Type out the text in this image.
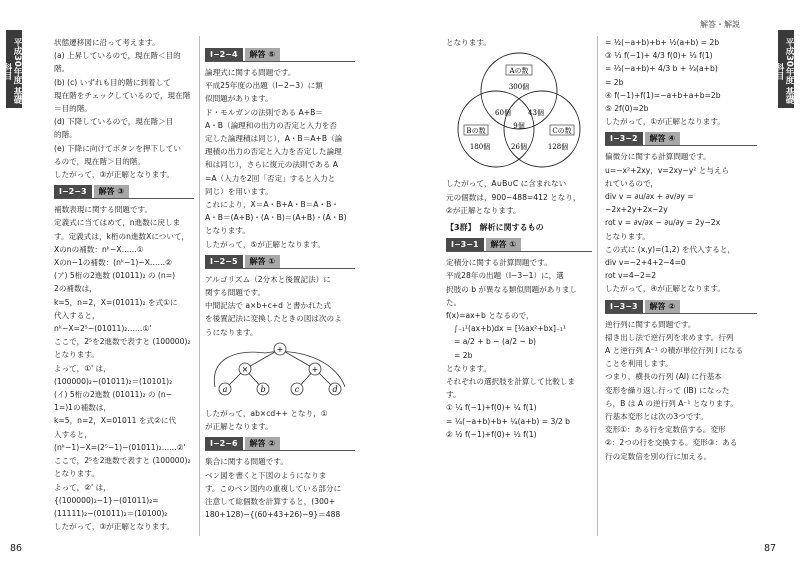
平成30年度 基礎科目

状態遷移図に沿って考えます。

(a) 上昇しているので，現在階＜目的

階。

(b) (c) いずれも目的階に到着して

現在階をチェックしているので，現在階

＝目的階。

(d) 下降しているので，現在階＞目

的階。

(e) 下降に向けてボタンを押下してい

るので，現在階＞目的階。

したがって，③が正解となります。

Ⅰ−2−3	解答 ③

補数表現に関する問題です。

定義式に当てはめて，n進数に戻しま

す。定義式は，k桁のn進数Xについて，

Xのnの補数：nᵏ−X……①

Xのn−1の補数：(nᵏ−1)−X……②

(ア) 5桁の2進数 (01011)₂ の (n=)

2の補数は，

k=5，n=2，X=(01011)₂ を式①に

代入すると，

nᵏ−X=2⁵−(01011)₂……①'

ここで，2⁵を2進数で表すと (100000)₂

となります。

よって，①' は，

(100000)₂−(01011)₂＝(10101)₂

(イ) 5桁の2進数 (01011)₂ の (n−

1=)1の補数は，

k=5，n=2，X=01011 を式②に代

入すると，

(nᵏ−1)−X=(2⁵−1)−(01011)₂……②'

ここで，2⁵を2進数で表すと (100000)₂

となります。

よって，②' は，

{(100000)₂−1}−(01011)₂=

(11111)₂−(01011)₂＝(10100)₂

したがって，③が正解となります。

Ⅰ−2−4	解答 ⑤

論理式に関する問題です。

平成25年度の出題（Ⅰ−2−3）に類

似問題があります。

ド・モルガンの法則である A+B＝

A・B（論理和の出力の否定と入力を否

定した論理積は同じ），A・B＝A+B（論

理積の出力の否定と入力を否定した論理

和は同じ），さらに復元の法則である A

=A（入力を2回「否定」すると入力と

同じ）を用います。

これにより，X＝A・B+A・B＝A・B・

A・B＝(A+B)・(A・B)＝(A+B)・(A・B)

となります。

したがって，⑤が正解となります。

Ⅰ−2−5	解答 ①

アルゴリズム（2分木と後置記法）に

関する問題です。

中間記法で a×b+c+d と書かれた式

を後置記法に変換したときの図は次のよ

うになります。

+
×	+
a	b	c	d

したがって，ab×cd++ となり，①

が正解となります。

Ⅰ−2−6	解答 ②

集合に関する問題です。

ベン図を書くと下図のようになりま

す。このベン図内の重複している部分に

注意して総個数を計算すると，(300+

180+128)−{(60+43+26)−9}＝488

86
解答・解説
平成30年度 基礎科目

となります。

Aの数
300個
Bの数
180個
Cの数
128個
60個 43個
9個
26個

したがって，A∪B∪C に含まれない

元の個数は，900−488=412 となり，

②が正解となります。

【3群】　解析に関するもの
Ⅰ−3−1	解答 ①

定積分に関する計算問題です。

平成28年の出題（Ⅰ−3−1）に，選

択肢の b が異なる類似問題がありました。

f(x)=ax+b となるので，

∫₋₁¹(ax+b)dx = [½ax²+bx]₋₁¹

= a/2 + b − (a/2 − b)

= 2b

となります。

それぞれの選択肢を計算して比較しま

す。

① ¼ f(−1)+f(0)+ ¼ f(1)

= ¼(−a+b)+b+ ¼(a+b) = 3/2 b

② ½ f(−1)+f(0)+ ½ f(1)

= ½(−a+b)+b+ ½(a+b) = 2b

③ ⅓ f(−1)+ 4/3 f(0)+ ⅓ f(1)

= ⅓(−a+b)+ 4/3 b + ⅓(a+b)

= 2b

④ f(−1)+f(1)=−a+b+a+b=2b

⑤ 2f(0)=2b

したがって，①が正解となります。

Ⅰ−3−2	解答 ④

偏微分に関する計算問題です。

u=−x²+2xy，v=2xy−y² と与えら

れているので，

div v = ∂u/∂x + ∂v/∂y = −2x+2y+2x−2y

rot v = ∂v/∂x − ∂u/∂y = 2y−2x

となります。

この式に (x,y)=(1,2) を代入すると，

div v=−2+4+2−4=0

rot v=4−2=2

したがって，④が正解となります。

Ⅰ−3−3	解答 ②

逆行列に関する問題です。

掃き出し法で逆行列を求めます。行列

A と逆行列 A⁻¹ の積が単位行列 I になる

ことを利用します。

つまり，横長の行列 (AI) に行基本

変形を繰り返し行って (IB) になった

ら，B は A の逆行列 A⁻¹ となります。

行基本変形とは次の3つです。

変形①：ある行を定数倍する。変形

②：2つの行を交換する。変形③：ある

行の定数倍を別の行に加える。

87
